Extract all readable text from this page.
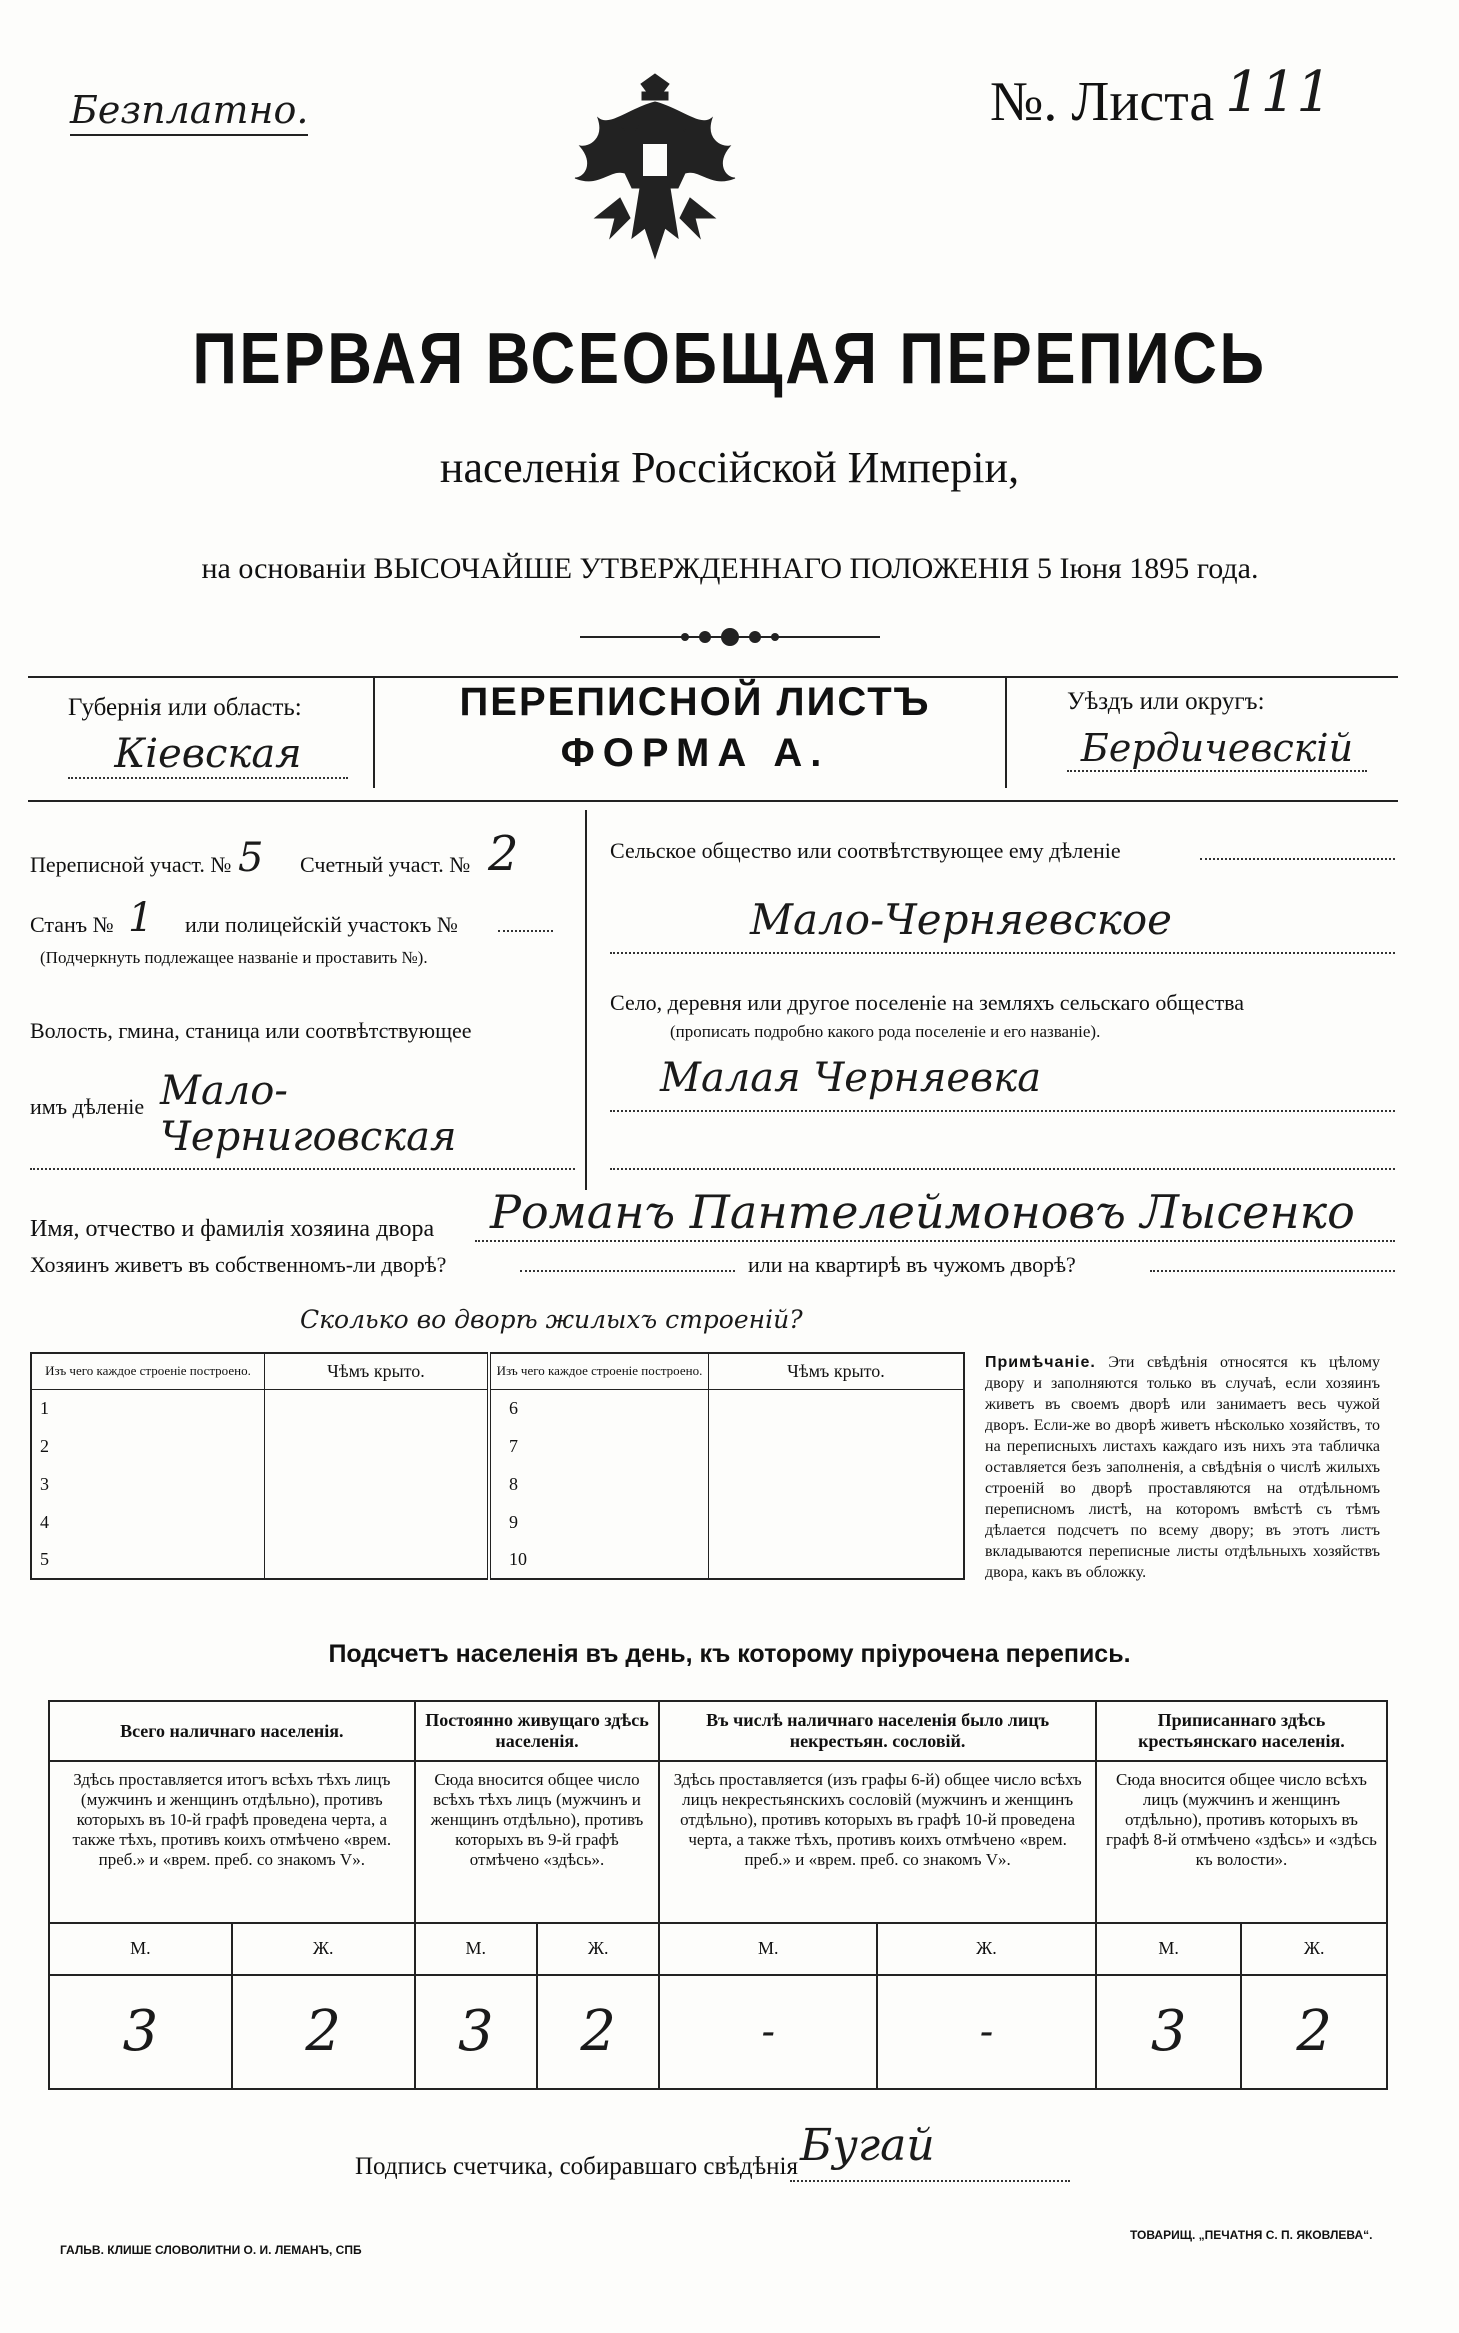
Безплатно.	№. Листа 111
ПЕРВАЯ ВСЕОБЩАЯ ПЕРЕПИСЬ
населенія Россійской Имперіи,
на основаніи ВЫСОЧАЙШЕ УТВЕРЖДЕННАГО ПОЛОЖЕНІЯ 5 Іюня 1895 года.
Губернія или область:
Кіевская
ПЕРЕПИСНОЙ ЛИСТЪ
ФОРМА А.
Уѣздъ или округъ:
Бердичевскій
Переписной участ. № 5 Счетный участ. № 2
Станъ № 1 или полицейскій участокъ №
(Подчеркнуть подлежащее названіе и проставить №).
Волость, гмина, станица или соотвѣтствующее
имъ дѣленіе Мало-Черниговская
Сельское общество или соотвѣтствующее ему дѣленіе
Мало-Черняевское
Село, деревня или другое поселеніе на земляхъ сельскаго общества
(прописать подробно какого рода поселеніе и его названіе).
Малая Черняевка
Имя, отчество и фамилія хозяина двора Романъ Пантелеймоновъ Лысенко
Хозяинъ живетъ въ собственномъ-ли дворѣ?	или на квартирѣ въ чужомъ дворѣ?
Сколько во дворѣ жилыхъ строеній?
Изъ чего каждое строеніе построено.	Чѣмъ крыто.	Изъ чего каждое строеніе построено.	Чѣмъ крыто.
1		6	
2		7	
3		8	
4		9	
5		10	
Примѣчаніе. Эти свѣдѣнія относятся къ цѣлому двору и заполняются только въ случаѣ, если хозяинъ живетъ въ своемъ дворѣ или занимаетъ весь чужой дворъ. Если-же во дворѣ живетъ нѣсколько хозяйствъ, то на переписныхъ листахъ каждаго изъ нихъ эта табличка оставляется безъ заполненія, а свѣдѣнія о числѣ жилыхъ строеній во дворѣ проставляются на отдѣльномъ переписномъ листѣ, на которомъ вмѣстѣ съ тѣмъ дѣлается подсчетъ по всему двору; въ этотъ листъ вкладываются переписные листы отдѣльныхъ хозяйствъ двора, какъ въ обложку.
Подсчетъ населенія въ день, къ которому пріурочена перепись.
Всего наличнаго населенія.		Постоянно живущаго здѣсь населенія.		Въ числѣ наличнаго населенія было лицъ некрестьян. сословій.		Приписаннаго здѣсь крестьянскаго населенія.	
Здѣсь проставляется итогъ всѣхъ тѣхъ лицъ (мужчинъ и женщинъ отдѣльно), противъ которыхъ въ 10-й графѣ проведена черта, а также тѣхъ, противъ коихъ отмѣчено «врем. преб.» и «врем. преб. со знакомъ V».		Сюда вносится общее число всѣхъ тѣхъ лицъ (мужчинъ и женщинъ отдѣльно), противъ которыхъ въ 9-й графѣ отмѣчено «здѣсь».		Здѣсь проставляется (изъ графы 6-й) общее число всѣхъ лицъ некрестьянскихъ сословій (мужчинъ и женщинъ отдѣльно), противъ которыхъ въ графѣ 10-й проведена черта, а также тѣхъ, противъ коихъ отмѣчено «врем. преб.» и «врем. преб. со знакомъ V».		Сюда вносится общее число всѣхъ лицъ (мужчинъ и женщинъ отдѣльно), противъ которыхъ въ графѣ 8-й отмѣчено «здѣсь» и «здѣсь къ волости».	
М.	Ж.	М.	Ж.	М.	Ж.	М.	Ж.
3	2	3	2	-	-	3	2
Подпись счетчика, собиравшаго свѣдѣнія Бугай
ГАЛЬВ. КЛИШЕ СЛОВОЛИТНИ О. И. ЛЕМАНЪ, СПБ
ТОВАРИЩ. „ПЕЧАТНЯ С. П. ЯКОВЛЕВА“.
